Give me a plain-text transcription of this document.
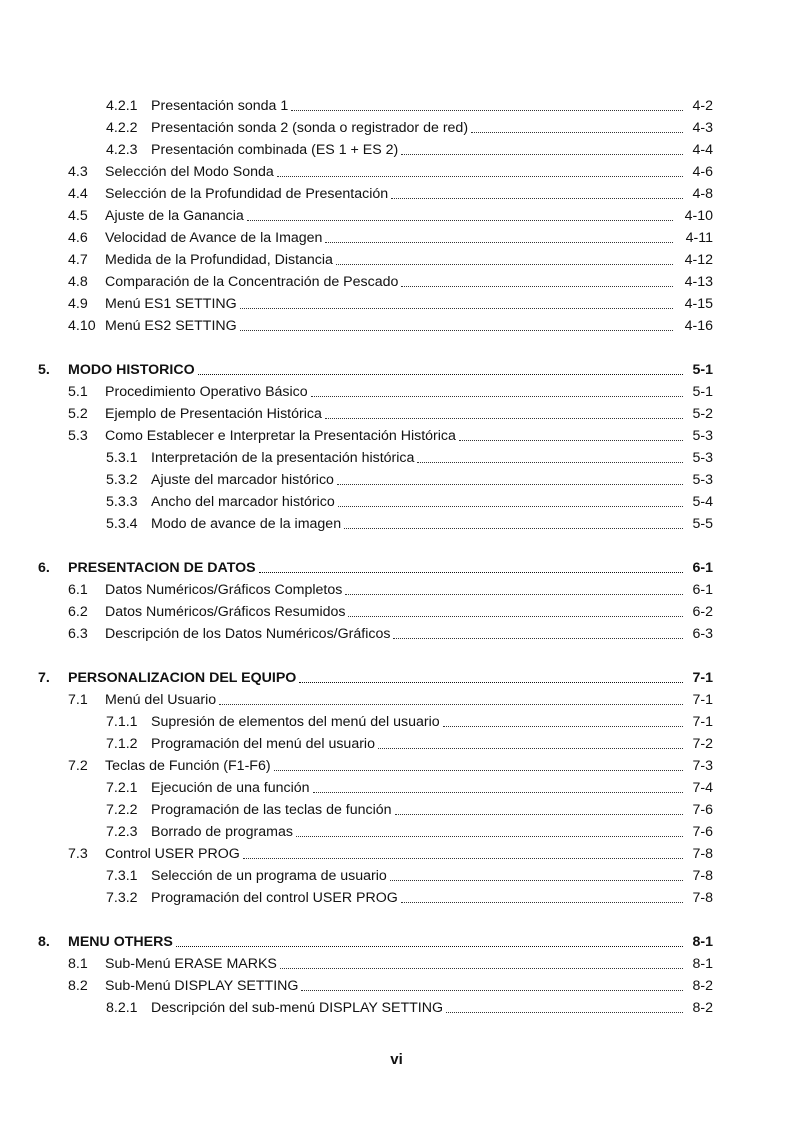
4.2.1 Presentación sonda 1	4-2
4.2.2 Presentación sonda 2 (sonda o registrador de red)	4-3
4.2.3 Presentación combinada (ES 1 + ES 2)	4-4
4.3 Selección del Modo Sonda	4-6
4.4 Selección de la Profundidad de Presentación	4-8
4.5 Ajuste de la Ganancia	4-10
4.6 Velocidad de Avance de la Imagen	4-11
4.7 Medida de la Profundidad, Distancia	4-12
4.8 Comparación de la Concentración de Pescado	4-13
4.9 Menú ES1 SETTING	4-15
4.10 Menú ES2 SETTING	4-16
5. MODO HISTORICO	5-1
5.1 Procedimiento Operativo Básico	5-1
5.2 Ejemplo de Presentación Histórica	5-2
5.3 Como Establecer e Interpretar la Presentación Histórica	5-3
5.3.1 Interpretación de la presentación histórica	5-3
5.3.2 Ajuste del marcador histórico	5-3
5.3.3 Ancho del marcador histórico	5-4
5.3.4 Modo de avance de la imagen	5-5
6. PRESENTACION DE DATOS	6-1
6.1 Datos Numéricos/Gráficos Completos	6-1
6.2 Datos Numéricos/Gráficos Resumidos	6-2
6.3 Descripción de los Datos Numéricos/Gráficos	6-3
7. PERSONALIZACION DEL EQUIPO	7-1
7.1 Menú del Usuario	7-1
7.1.1 Supresión de elementos del menú del usuario	7-1
7.1.2 Programación del menú del usuario	7-2
7.2 Teclas de Función (F1-F6)	7-3
7.2.1 Ejecución de una función	7-4
7.2.2 Programación de las teclas de función	7-6
7.2.3 Borrado de programas	7-6
7.3 Control USER PROG	7-8
7.3.1 Selección de un programa de usuario	7-8
7.3.2 Programación del control USER PROG	7-8
8. MENU OTHERS	8-1
8.1 Sub-Menú ERASE MARKS	8-1
8.2 Sub-Menú DISPLAY SETTING	8-2
8.2.1 Descripción del sub-menú DISPLAY SETTING	8-2
vi
